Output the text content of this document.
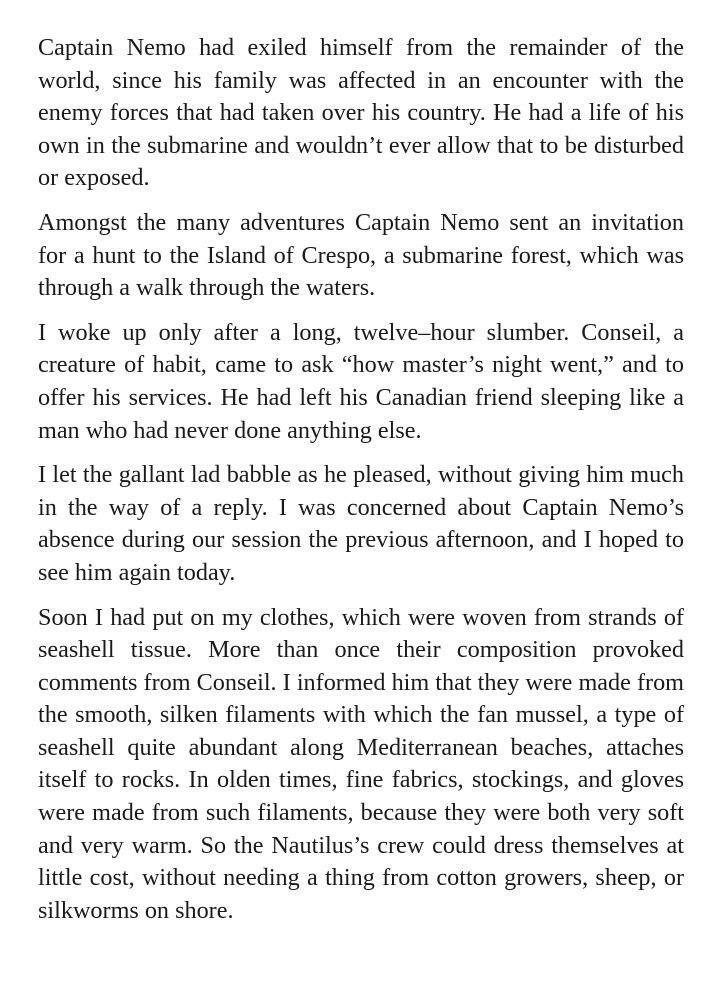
Captain Nemo had exiled himself from the remainder of the world, since his family was affected in an encounter with the enemy forces that had taken over his country. He had a life of his own in the submarine and wouldn’t ever allow that to be disturbed or exposed.

Amongst the many adventures Captain Nemo sent an invitation for a hunt to the Island of Crespo, a submarine forest, which was through a walk through the waters.

I woke up only after a long, twelve–hour slumber. Conseil, a creature of habit, came to ask “how master’s night went,” and to offer his services. He had left his Canadian friend sleeping like a man who had never done anything else.

I let the gallant lad babble as he pleased, without giving him much in the way of a reply. I was concerned about Captain Nemo’s absence during our session the previous afternoon, and I hoped to see him again today.

Soon I had put on my clothes, which were woven from strands of seashell tissue. More than once their composition provoked comments from Conseil. I informed him that they were made from the smooth, silken filaments with which the fan mussel, a type of seashell quite abundant along Mediterranean beaches, attaches itself to rocks. In olden times, fine fabrics, stockings, and gloves were made from such filaments, because they were both very soft and very warm. So the Nautilus’s crew could dress themselves at little cost, without needing a thing from cotton growers, sheep, or silkworms on shore.
